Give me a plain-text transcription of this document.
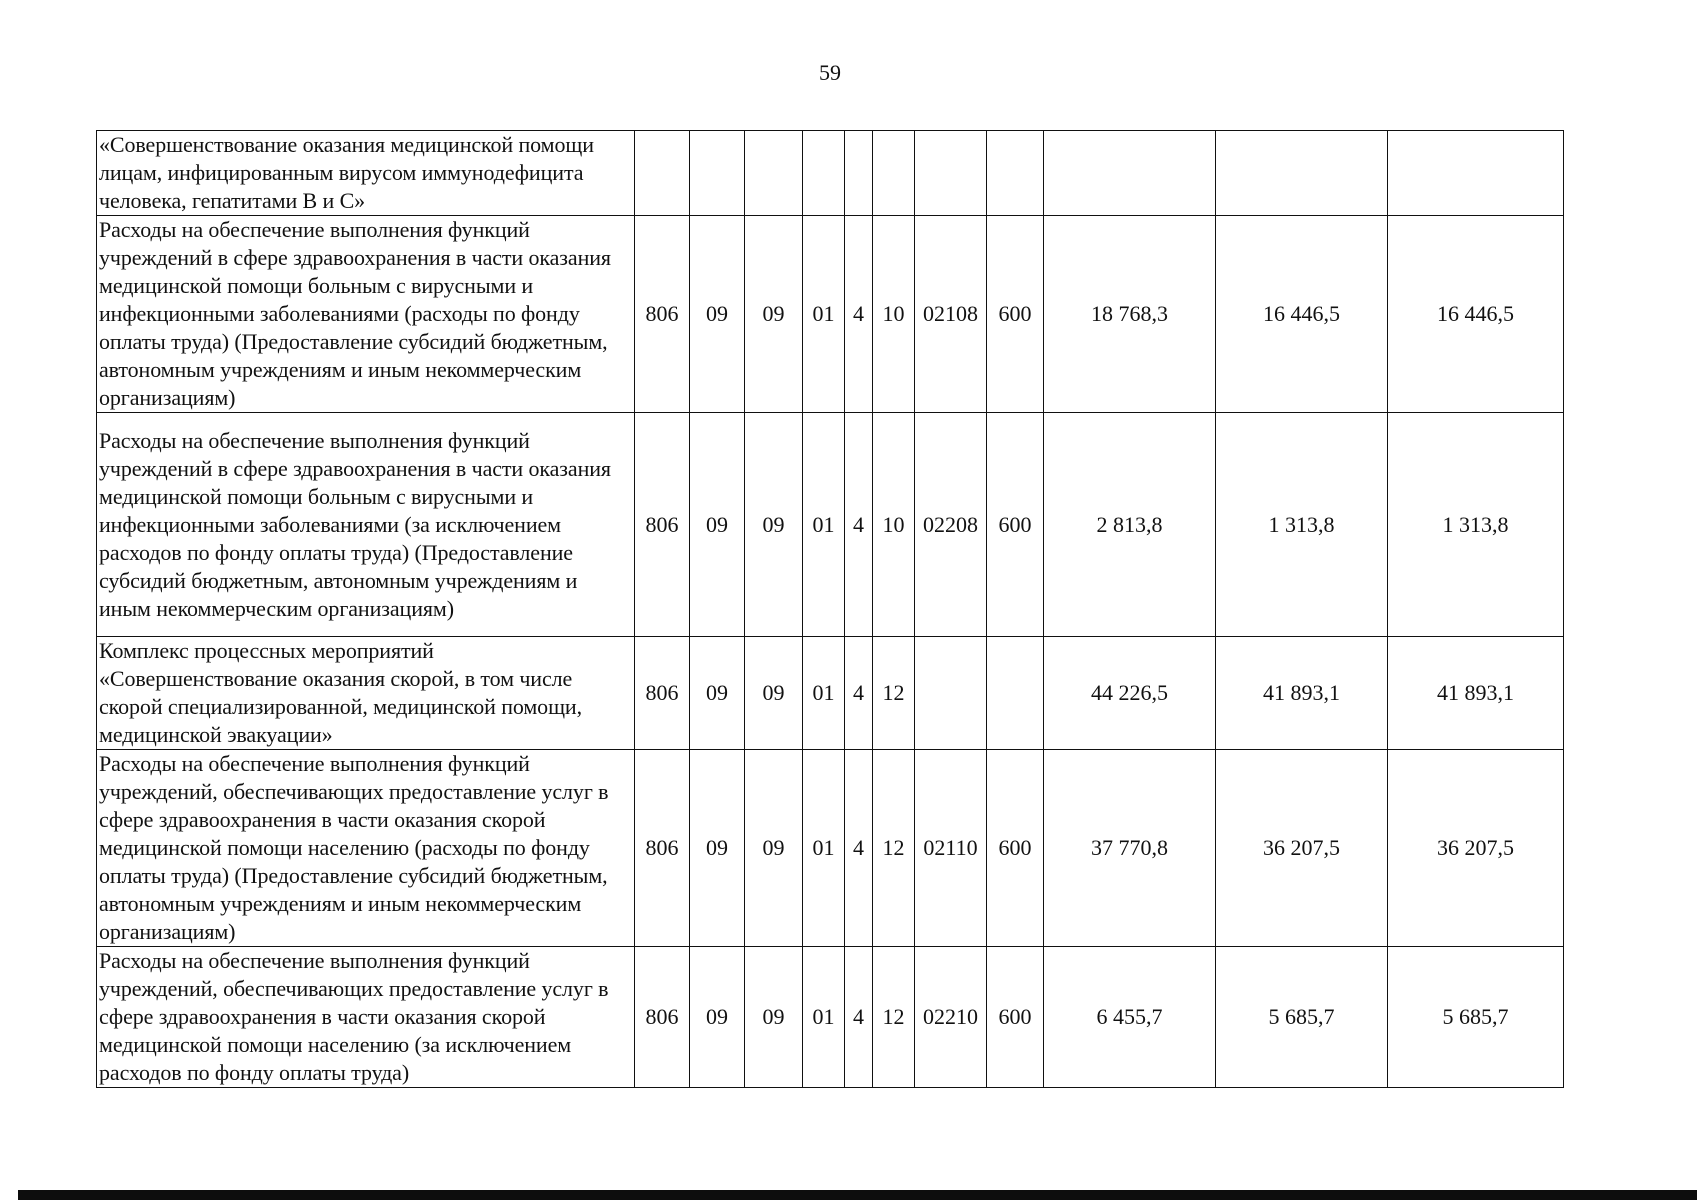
59
«Совершенствование оказания медицинской помощи лицам, инфицированным вирусом иммунодефицита человека, гепатитами В и С»											
Расходы на обеспечение выполнения функций учреждений в сфере здравоохранения в части оказания медицинской помощи больным с вирусными и инфекционными заболеваниями (расходы по фонду оплаты труда) (Предоставление субсидий бюджетным, автономным учреждениям и иным некоммерческим организациям)	806	09	09	01	4	10	02108	600	18 768,3	16 446,5	16 446,5
Расходы на обеспечение выполнения функций учреждений в сфере здравоохранения в части оказания медицинской помощи больным с вирусными и инфекционными заболеваниями (за исключением расходов по фонду оплаты труда) (Предоставление субсидий бюджетным, автономным учреждениям и иным некоммерческим организациям)	806	09	09	01	4	10	02208	600	2 813,8	1 313,8	1 313,8
Комплекс процессных мероприятий «Совершенствование оказания скорой, в том числе скорой специализированной, медицинской помощи, медицинской эвакуации»	806	09	09	01	4	12			44 226,5	41 893,1	41 893,1
Расходы на обеспечение выполнения функций учреждений, обеспечивающих предоставление услуг в сфере здравоохранения в части оказания скорой медицинской помощи населению (расходы по фонду оплаты труда) (Предоставление субсидий бюджетным, автономным учреждениям и иным некоммерческим организациям)	806	09	09	01	4	12	02110	600	37 770,8	36 207,5	36 207,5
Расходы на обеспечение выполнения функций учреждений, обеспечивающих предоставление услуг в сфере здравоохранения в части оказания скорой медицинской помощи населению (за исключением расходов по фонду оплаты труда)	806	09	09	01	4	12	02210	600	6 455,7	5 685,7	5 685,7
